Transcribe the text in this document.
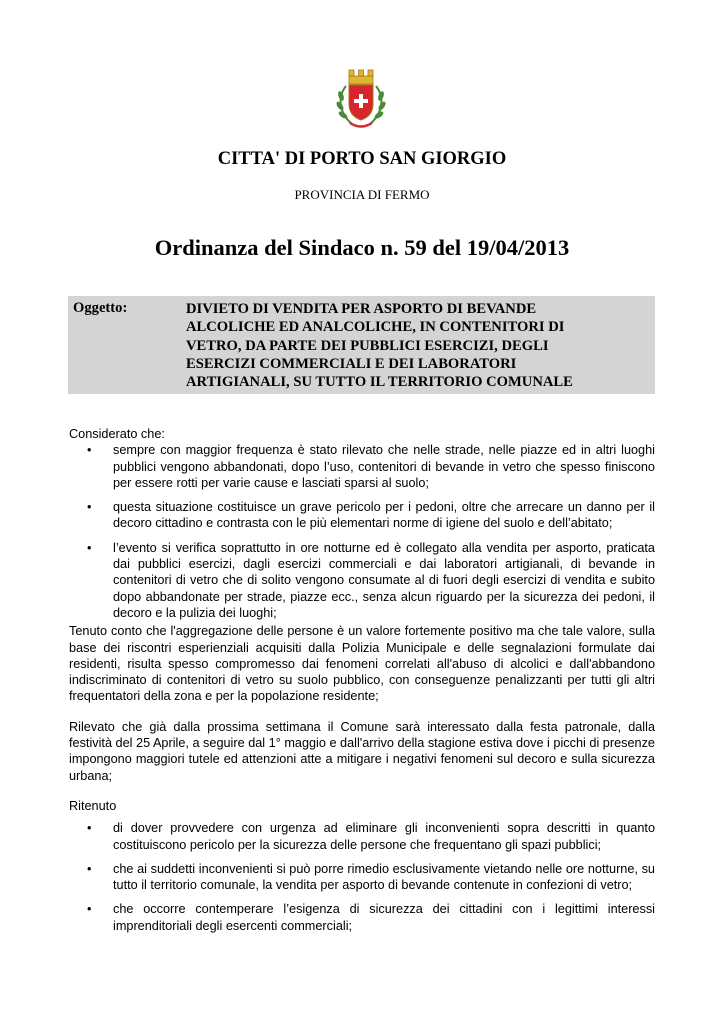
CITTA' DI PORTO SAN GIORGIO
PROVINCIA DI FERMO
Ordinanza del Sindaco n. 59 del 19/04/2013
Oggetto:	DIVIETO DI VENDITA PER ASPORTO DI BEVANDE
ALCOLICHE ED ANALCOLICHE, IN CONTENITORI DI
VETRO, DA PARTE DEI PUBBLICI ESERCIZI, DEGLI
ESERCIZI COMMERCIALI E DEI LABORATORI
ARTIGIANALI, SU TUTTO IL TERRITORIO COMUNALE

Considerato che:

•	sempre con maggior frequenza è stato rilevato che nelle strade, nelle piazze ed in altri luoghi pubblici vengono abbandonati, dopo l’uso, contenitori di bevande in vetro che spesso finiscono per essere rotti per varie cause e lasciati sparsi al suolo;
•	questa situazione costituisce un grave pericolo per i pedoni, oltre che arrecare un danno per il decoro cittadino e contrasta con le più elementari norme di igiene del suolo e dell’abitato;
•	l’evento si verifica soprattutto in ore notturne ed è collegato alla vendita per asporto, praticata dai pubblici esercizi, dagli esercizi commerciali e dai laboratori artigianali, di bevande in contenitori di vetro che di solito vengono consumate al di fuori degli esercizi di vendita e subito dopo abbandonate per strade, piazze ecc., senza alcun riguardo per la sicurezza dei pedoni, il decoro e la pulizia dei luoghi;

Tenuto conto che l'aggregazione delle persone è un valore fortemente positivo ma che tale valore, sulla base dei riscontri esperienziali acquisiti dalla Polizia Municipale e delle segnalazioni formulate dai residenti, risulta spesso compromesso dai fenomeni correlati all'abuso di alcolici e dall'abbandono indiscriminato di contenitori di vetro su suolo pubblico, con conseguenze penalizzanti per tutti gli altri frequentatori della zona e per la popolazione residente;

Rilevato che già dalla prossima settimana il Comune sarà interessato dalla festa patronale, dalla festività del 25 Aprile, a seguire dal 1° maggio e dall'arrivo della stagione estiva dove i picchi di presenze impongono maggiori tutele ed attenzioni atte a mitigare i negativi fenomeni sul decoro e sulla sicurezza urbana;

Ritenuto

•	di dover provvedere con urgenza ad eliminare gli inconvenienti sopra descritti in quanto costituiscono pericolo per la sicurezza delle persone che frequentano gli spazi pubblici;
•	che ai suddetti inconvenienti si può porre rimedio esclusivamente vietando nelle ore notturne, su tutto il territorio comunale, la vendita per asporto di bevande contenute in confezioni di vetro;
•	che occorre contemperare l’esigenza di sicurezza dei cittadini con i legittimi interessi imprenditoriali degli esercenti commerciali;
